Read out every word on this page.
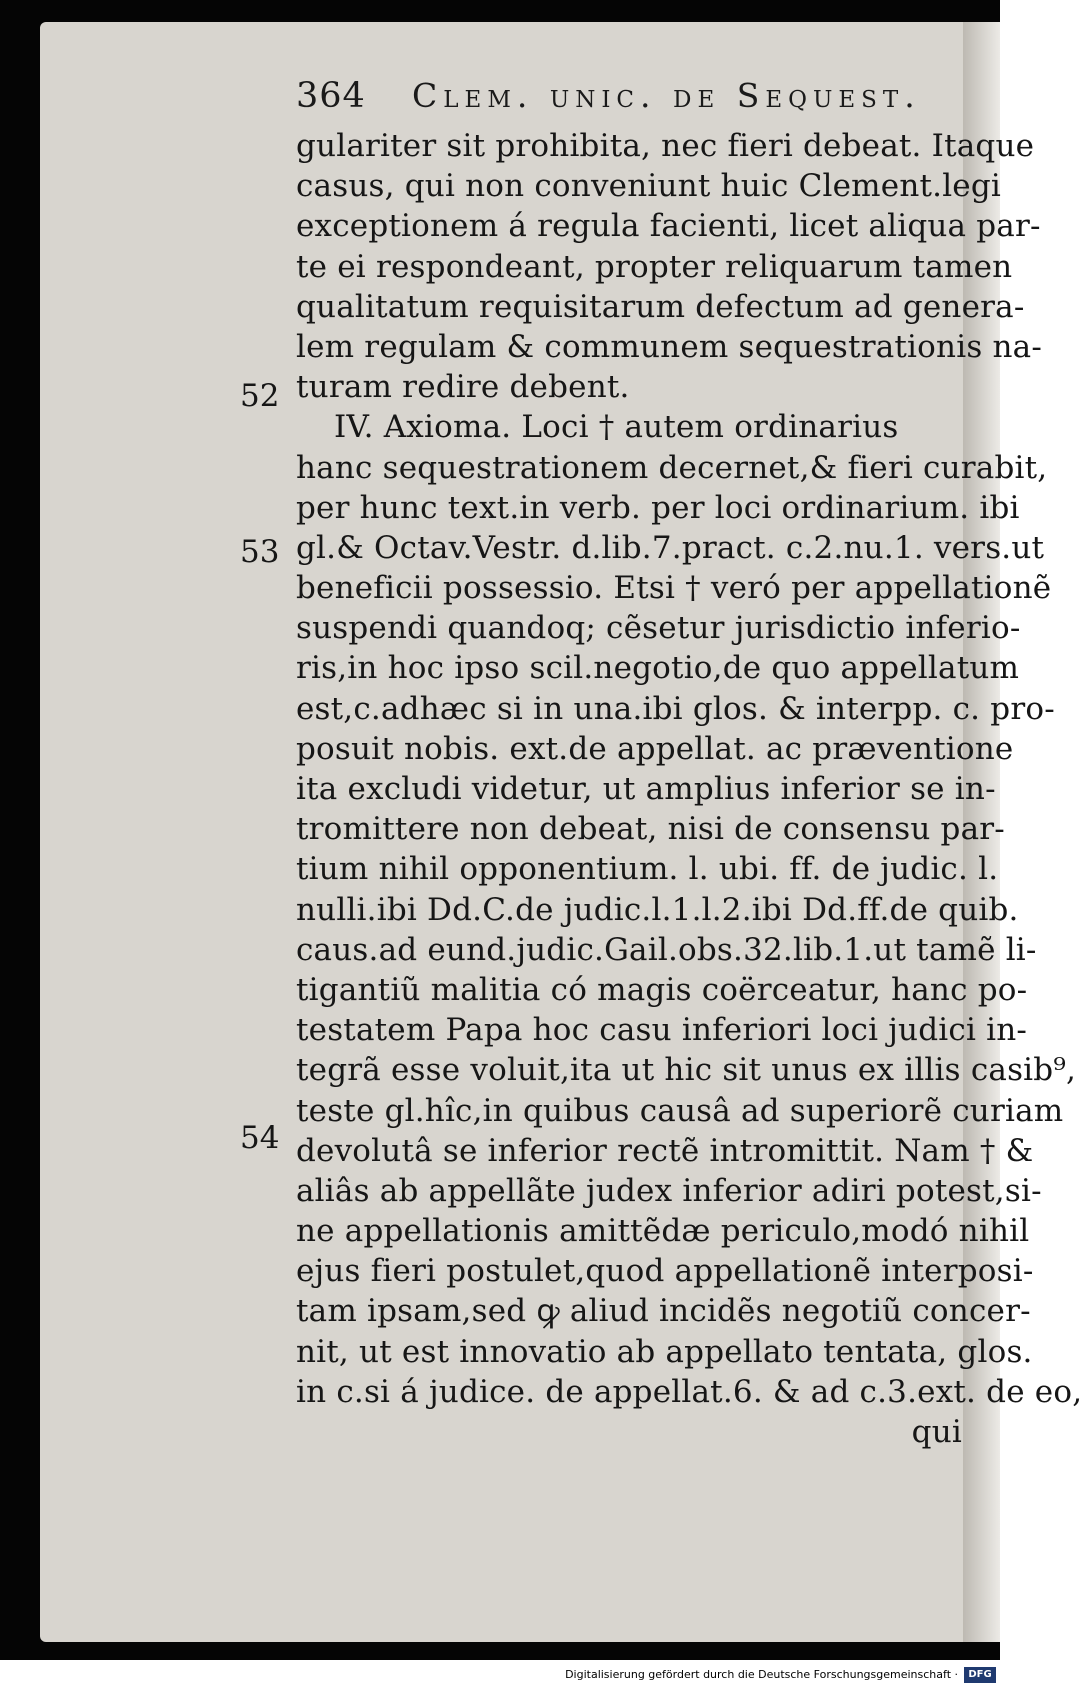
364 Clem. unic. de Sequest.
52
53
54
gulariter sit prohibita, nec fieri debeat. Itaque
casus, qui non conveniunt huic Clement.legi
exceptionem á regula facienti, licet aliqua par-
te ei respondeant, propter reliquarum tamen
qualitatum requisitarum defectum ad genera-
lem regulam & communem sequestrationis na-
turam redire debent.
IV. Axioma. Loci † autem ordinarius
hanc sequestrationem decernet,& fieri curabit,
per hunc text.in verb. per loci ordinarium. ibi
gl.& Octav.Vestr. d.lib.7.pract. c.2.nu.1. vers.ut
beneficii possessio. Etsi † veró per appellationẽ
suspendi quandoq; cẽsetur jurisdictio inferio-
ris,in hoc ipso scil.negotio,de quo appellatum
est,c.adhæc si in una.ibi glos. & interpp. c. pro-
posuit nobis. ext.de appellat. ac præventione
ita excludi videtur, ut amplius inferior se in-
tromittere non debeat, nisi de consensu par-
tium nihil opponentium. l. ubi. ff. de judic. l.
nulli.ibi Dd.C.de judic.l.1.l.2.ibi Dd.ff.de quib.
caus.ad eund.judic.Gail.obs.32.lib.1.ut tamẽ li-
tigantiũ malitia có magis coërceatur, hanc po-
testatem Papa hoc casu inferiori loci judici in-
tegrã esse voluit,ita ut hic sit unus ex illis casib⁹,
teste gl.hîc,in quibus causâ ad superiorẽ curiam
devolutâ se inferior rectẽ intromittit. Nam † &
aliâs ab appellãte judex inferior adiri potest,si-
ne appellationis amittẽdæ periculo,modó nihil
ejus fieri postulet,quod appellationẽ interposi-
tam ipsam,sed ꝙ aliud incidẽs negotiũ concer-
nit, ut est innovatio ab appellato tentata, glos.
in c.si á judice. de appellat.6. & ad c.3.ext. de eo,
qui
Digitalisierung gefördert durch die Deutsche Forschungsgemeinschaft ·	DFG
